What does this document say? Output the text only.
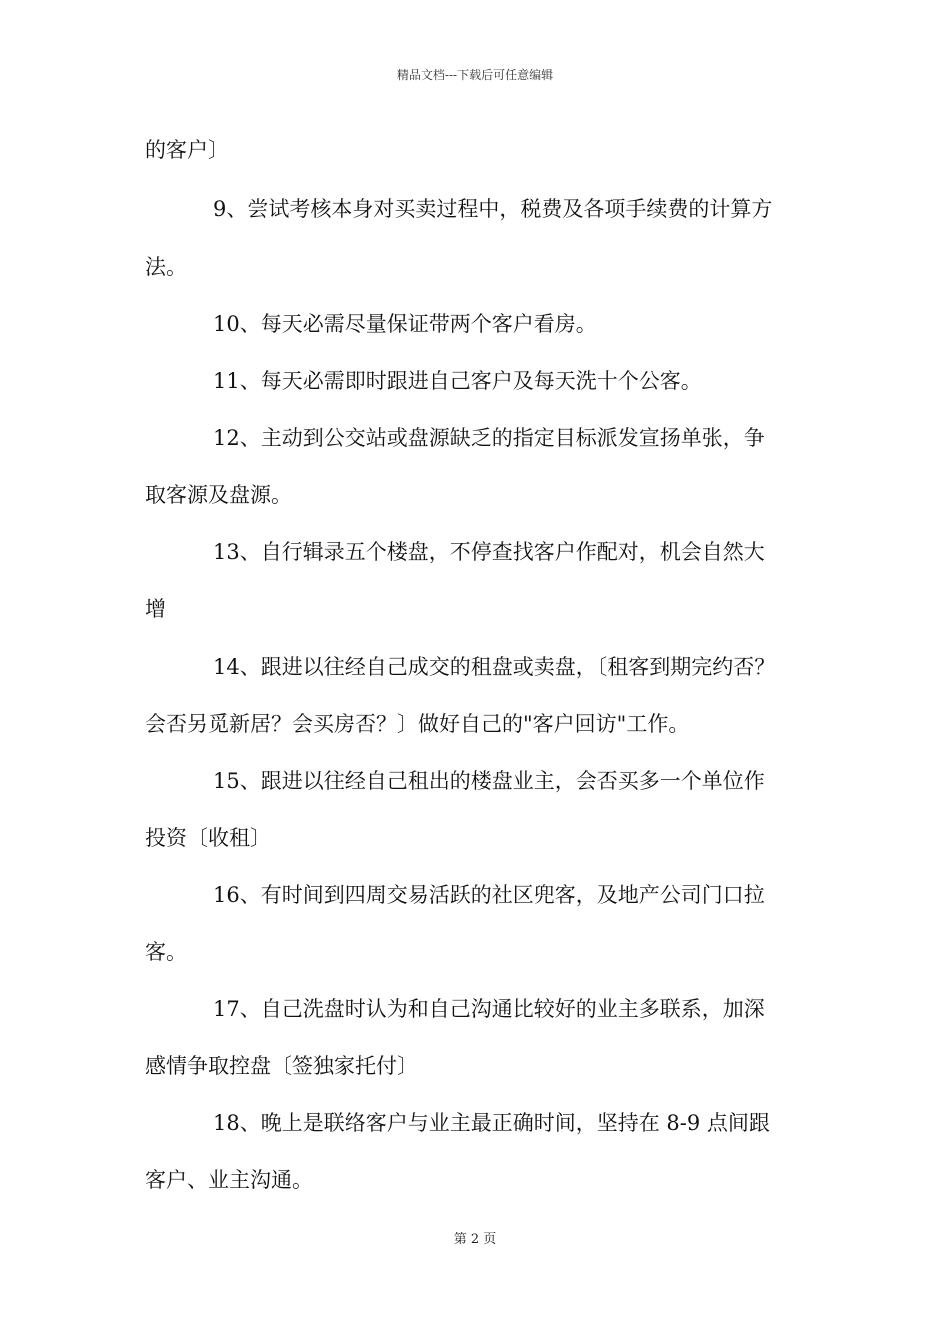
精品文档---下载后可任意编辑
的客户〕
9、尝试考核本身对买卖过程中，税费及各项手续费的计算方
法。
10、每天必需尽量保证带两个客户看房。
11、每天必需即时跟进自己客户及每天洗十个公客。
12、主动到公交站或盘源缺乏的指定目标派发宣扬单张，争
取客源及盘源。
13、自行辑录五个楼盘，不停查找客户作配对，机会自然大
增
14、跟进以往经自己成交的租盘或卖盘，〔租客到期完约否？
会否另觅新居？会买房否？〕做好自己的"客户回访"工作。
15、跟进以往经自己租出的楼盘业主，会否买多一个单位作
投资〔收租〕
16、有时间到四周交易活跃的社区兜客，及地产公司门口拉
客。
17、自己洗盘时认为和自己沟通比较好的业主多联系，加深
感情争取控盘〔签独家托付〕
18、晚上是联络客户与业主最正确时间，坚持在 8-9 点间跟
客户、业主沟通。
第 2 页
